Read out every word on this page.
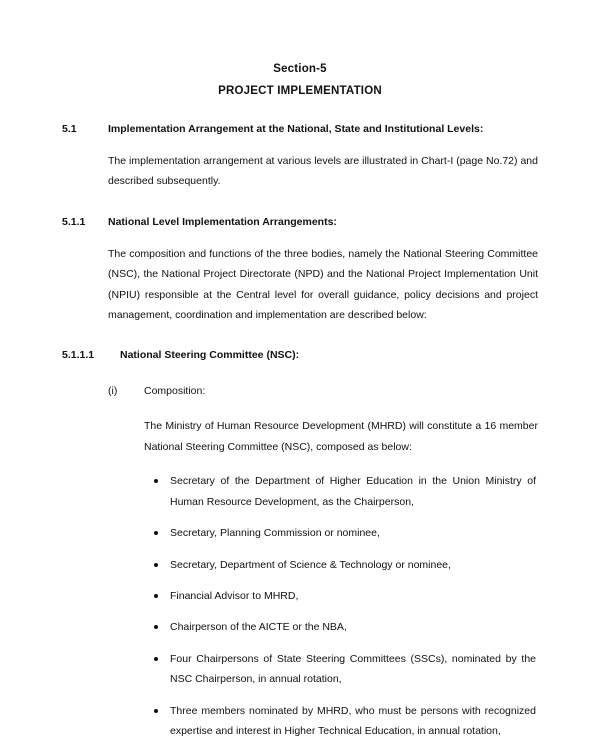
Section-5
PROJECT IMPLEMENTATION
5.1	Implementation Arrangement at the National, State and Institutional Levels:
The implementation arrangement at various levels are illustrated in Chart-I (page No.72) and described subsequently.
5.1.1	National Level Implementation Arrangements:
The composition and functions of the three bodies, namely the National Steering Committee (NSC), the National Project Directorate (NPD) and the National Project Implementation Unit (NPIU) responsible at the Central level for overall guidance, policy decisions and project management, coordination and implementation are described below:
5.1.1.1	National Steering Committee (NSC):
(i)	Composition:
The Ministry of Human Resource Development (MHRD) will constitute a 16 member National Steering Committee (NSC), composed as below:
Secretary of the Department of Higher Education in the Union Ministry of Human Resource Development, as the Chairperson,
Secretary, Planning Commission or nominee,
Secretary, Department of Science & Technology or nominee,
Financial Advisor to MHRD,
Chairperson of the AICTE or the NBA,
Four Chairpersons of State Steering Committees (SSCs), nominated by the NSC Chairperson, in annual rotation,
Three members nominated by MHRD, who must be persons with recognized expertise and interest in Higher Technical Education, in annual rotation,
